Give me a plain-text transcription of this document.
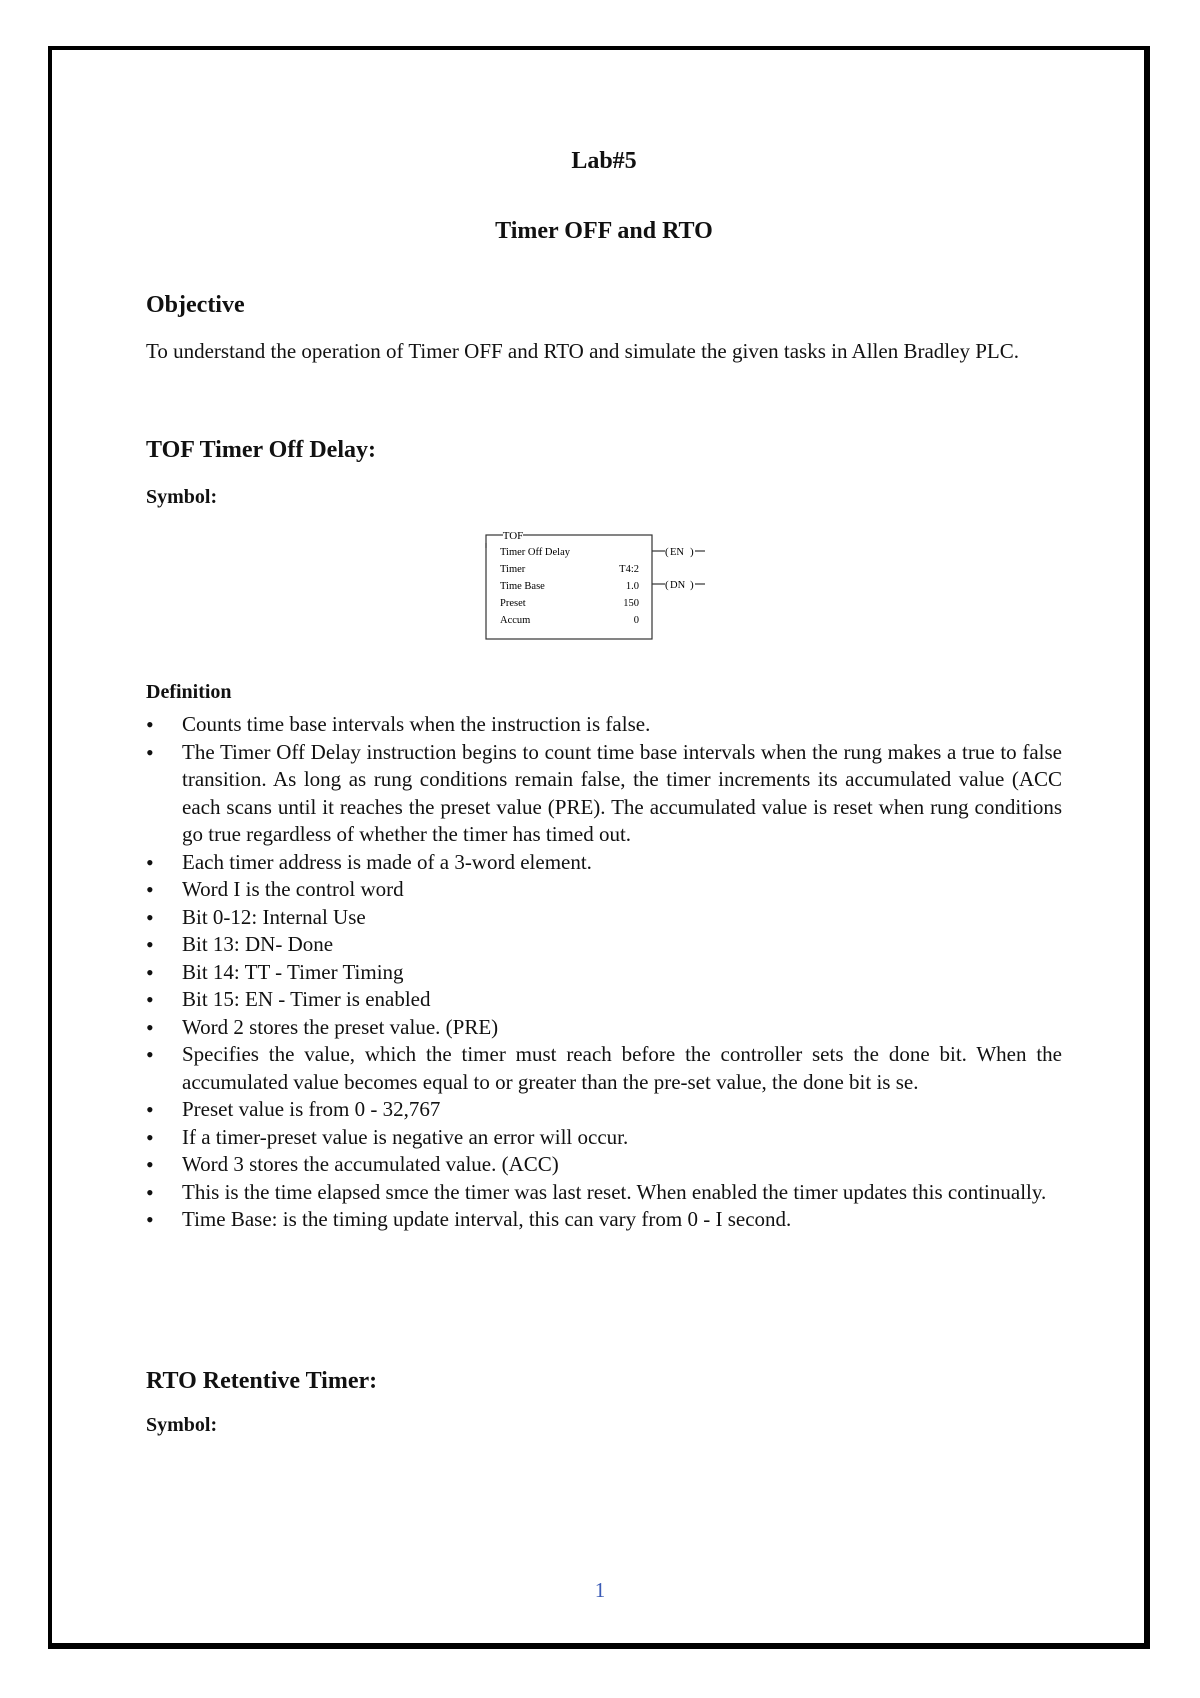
Lab#5
Timer OFF and RTO
Objective

To understand the operation of Timer OFF and RTO and simulate the given tasks in Allen Bradley PLC.

TOF Timer Off Delay:
Symbol:
Definition
• Counts time base intervals when the instruction is false.
• The Timer Off Delay instruction begins to count time base intervals when the rung makes a true to false transition. As long as rung conditions remain false, the timer increments its accumulated value (ACC each scans until it reaches the preset value (PRE). The accumulated value is reset when rung conditions go true regardless of whether the timer has timed out.
• Each timer address is made of a 3-word element.
• Word I is the control word
• Bit 0-12: Internal Use
• Bit 13: DN- Done
• Bit 14: TT - Timer Timing
• Bit 15: EN - Timer is enabled
• Word 2 stores the preset value. (PRE)
• Specifies the value, which the timer must reach before the controller sets the done bit. When the accumulated value becomes equal to or greater than the pre-set value, the done bit is se.
• Preset value is from 0 - 32,767
• If a timer-preset value is negative an error will occur.
• Word 3 stores the accumulated value. (ACC)
• This is the time elapsed smce the timer was last reset. When enabled the timer updates this continually.
• Time Base: is the timing update interval, this can vary from 0 - I second.
RTO Retentive Timer:
Symbol:
TOF
Timer Off Delay
Timer	T4:2
Time Base	1.0
Preset	150
Accum	0
( EN )
( DN )
1
